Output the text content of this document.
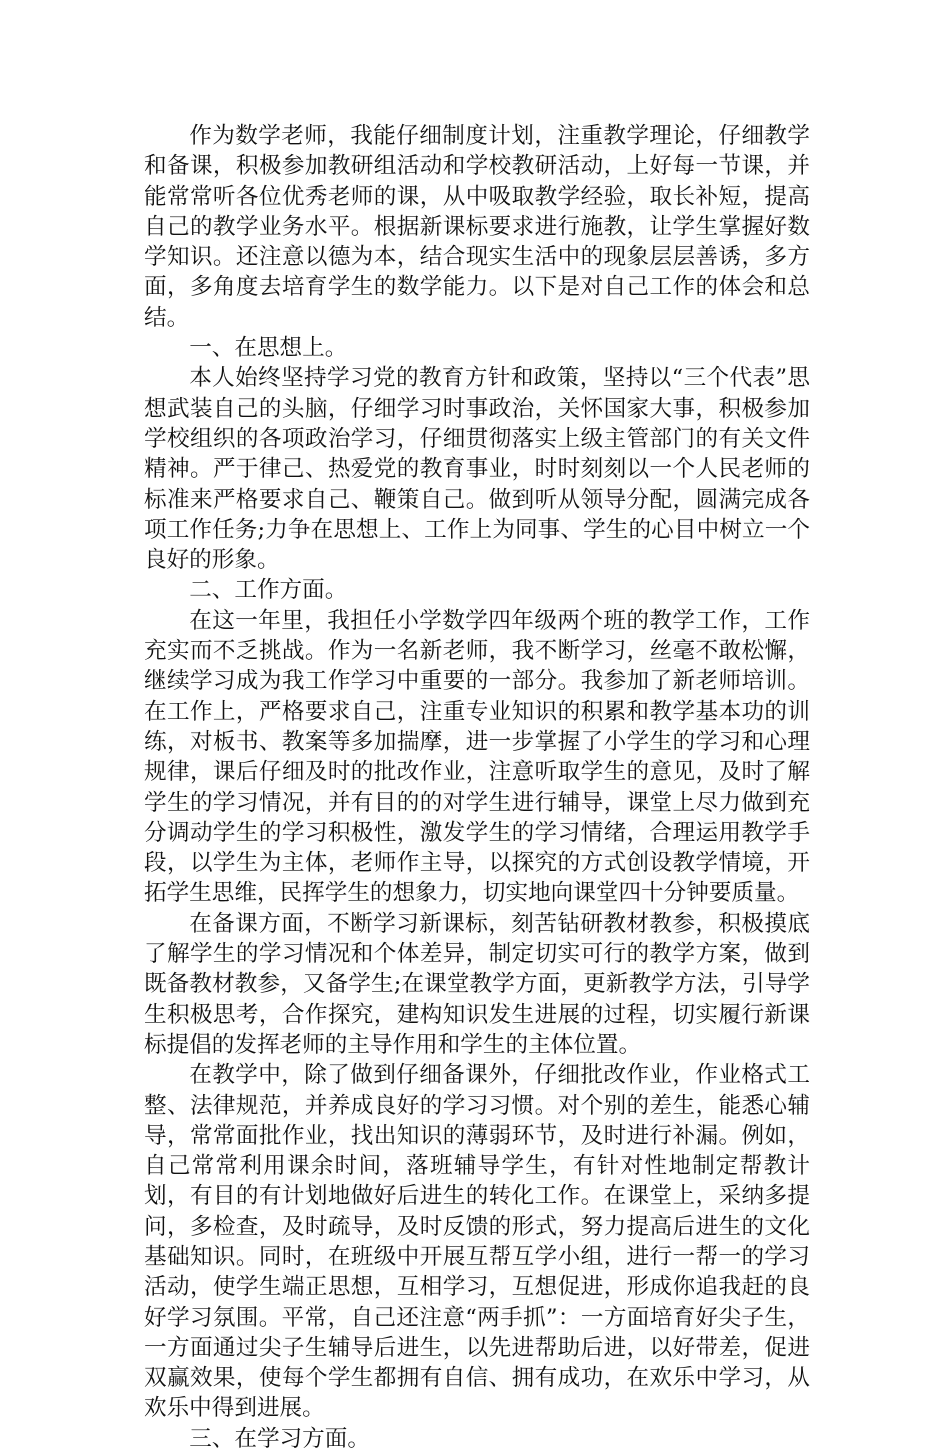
作为数学老师，我能仔细制度计划，注重教学理论，仔细教学和备课，积极参加教研组活动和学校教研活动，上好每一节课，并能常常听各位优秀老师的课，从中吸取教学经验，取长补短，提高自己的教学业务水平。根据新课标要求进行施教，让学生掌握好数学知识。还注意以德为本，结合现实生活中的现象层层善诱，多方面，多角度去培育学生的数学能力。以下是对自己工作的体会和总结。

一、在思想上。

本人始终坚持学习党的教育方针和政策，坚持以“三个代表”思想武装自己的头脑，仔细学习时事政治，关怀国家大事，积极参加学校组织的各项政治学习，仔细贯彻落实上级主管部门的有关文件精神。严于律己、热爱党的教育事业，时时刻刻以一个人民老师的标准来严格要求自己、鞭策自己。做到听从领导分配，圆满完成各项工作任务;力争在思想上、工作上为同事、学生的心目中树立一个良好的形象。

二、工作方面。

在这一年里，我担任小学数学四年级两个班的教学工作，工作充实而不乏挑战。作为一名新老师，我不断学习，丝毫不敢松懈，继续学习成为我工作学习中重要的一部分。我参加了新老师培训。在工作上，严格要求自己，注重专业知识的积累和教学基本功的训练，对板书、教案等多加揣摩，进一步掌握了小学生的学习和心理规律，课后仔细及时的批改作业，注意听取学生的意见，及时了解学生的学习情况，并有目的的对学生进行辅导，课堂上尽力做到充分调动学生的学习积极性，激发学生的学习情绪，合理运用教学手段，以学生为主体，老师作主导，以探究的方式创设教学情境，开拓学生思维，民挥学生的想象力，切实地向课堂四十分钟要质量。

在备课方面，不断学习新课标，刻苦钻研教材教参，积极摸底了解学生的学习情况和个体差异，制定切实可行的教学方案，做到既备教材教参，又备学生;在课堂教学方面，更新教学方法，引导学生积极思考，合作探究，建构知识发生进展的过程，切实履行新课标提倡的发挥老师的主导作用和学生的主体位置。

在教学中，除了做到仔细备课外，仔细批改作业，作业格式工整、法律规范，并养成良好的学习习惯。对个别的差生，能悉心辅导，常常面批作业，找出知识的薄弱环节，及时进行补漏。例如，自己常常利用课余时间，落班辅导学生，有针对性地制定帮教计划，有目的有计划地做好后进生的转化工作。在课堂上，采纳多提问，多检查，及时疏导，及时反馈的形式，努力提高后进生的文化基础知识。同时，在班级中开展互帮互学小组，进行一帮一的学习活动，使学生端正思想，互相学习，互想促进，形成你追我赶的良好学习氛围。平常，自己还注意“两手抓”：一方面培育好尖子生，一方面通过尖子生辅导后进生，以先进帮助后进，以好带差，促进双赢效果，使每个学生都拥有自信、拥有成功，在欢乐中学习，从欢乐中得到进展。

三、在学习方面。
